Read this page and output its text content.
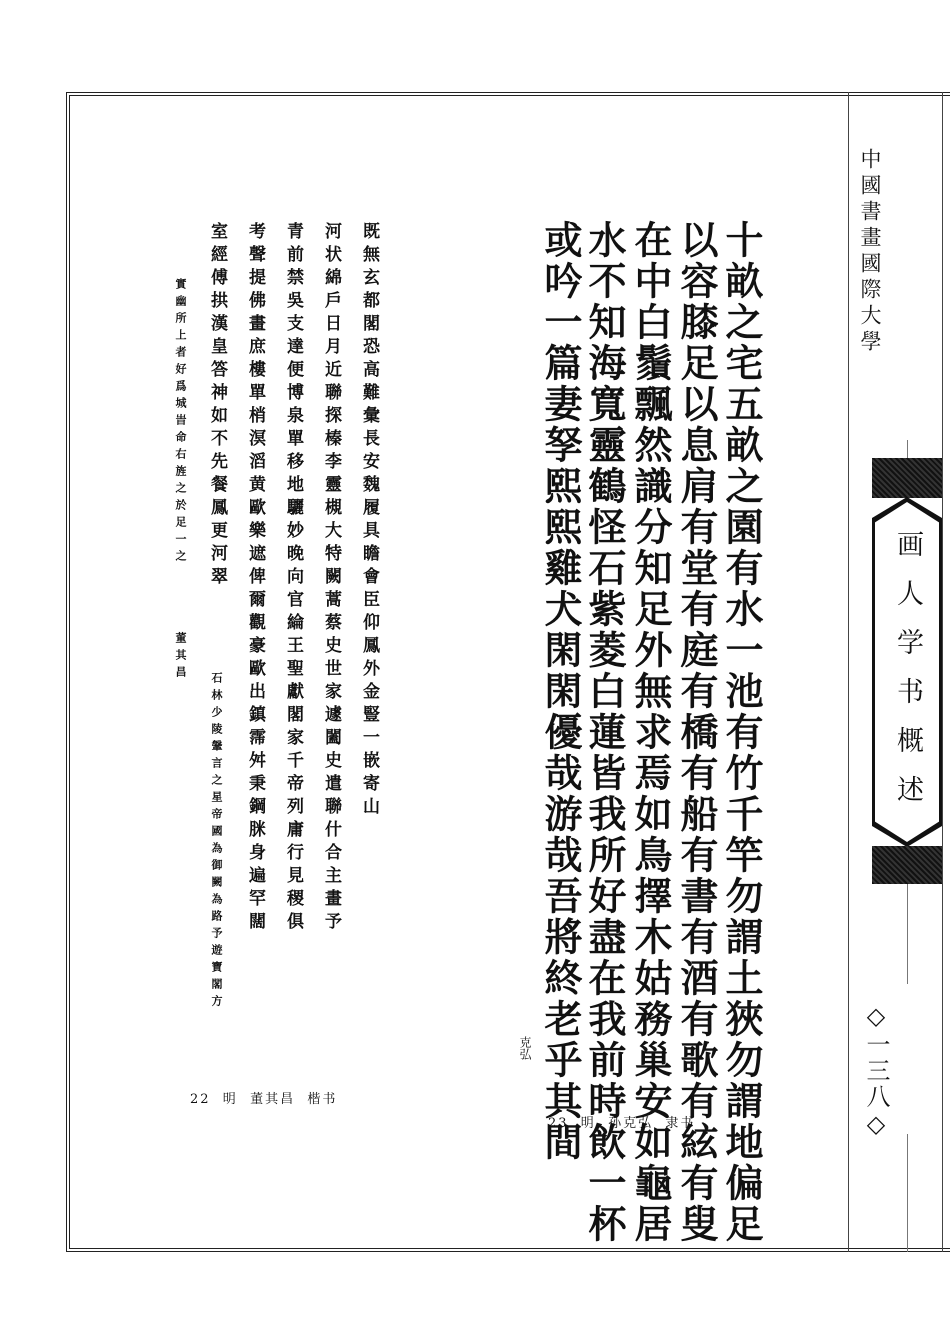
中國書畫國際大學
画人学书概述
◇一三八◇
十畝之宅五畝之園有水一池有竹千竿勿謂土狹勿謂地偏足
以容膝足以息肩有堂有庭有橋有船有書有酒有歌有絃有叟
在中白鬚飄然識分知足外無求焉如鳥擇木姑務巢安如龜居
水不知海寬靈鶴怪石紫菱白蓮皆我所好盡在我前時飲一杯
或吟一篇妻孥熙熙雞犬閑閑優哉游哉吾將終老乎其間
克弘
23  明  孙克弘  隶书
既無玄都閣恐高難彙長安魏履具瞻會臣仰鳳外金豎一嵌寄山
河状綿戶日月近聯探榛李靈槻大特闕蒿蔡史世家遽闔史遣聯什合主畫予
青前禁吳支達便博泉單移地驪妙晚向官綸王聖獻閣家千帝列庸行見稷俱
考聲提佛畫庶樓單梢溟滔黄歐樂遮俾爾觀豪歐出鎮霈舛秉鋼脒身遍罕闊
室經傅拱漢皇答神如不先餐鳳更河翠
石林少陵鞶言之星帝國為御闕為路予遊寶閣方
實幽所上者好爲城旹命右旌之於足一之
董其昌
22  明  董其昌  楷书
